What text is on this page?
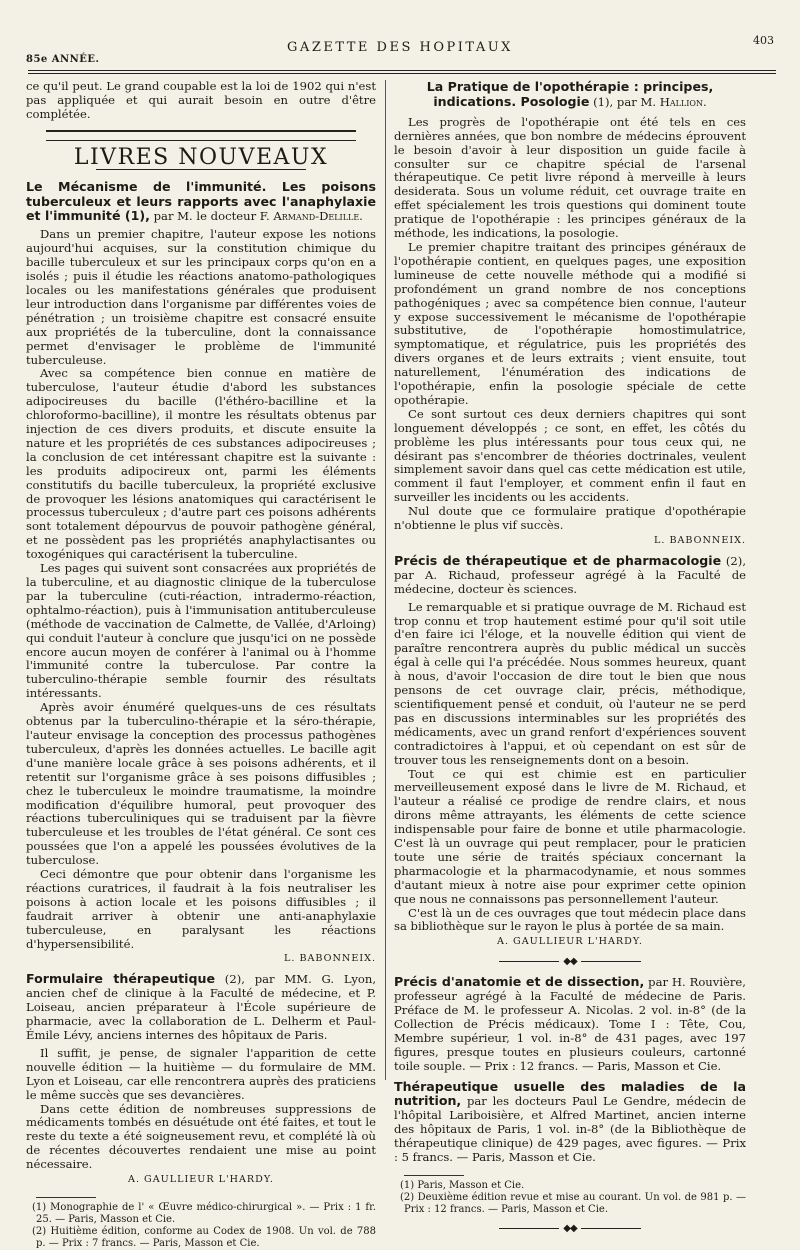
85e ANNÉE.
GAZETTE DES HOPITAUX	403

ce qu'il peut. Le grand coupable est la loi de 1902 qui n'est pas appliquée et qui aurait besoin en outre d'être complétée.

LIVRES NOUVEAUX
Le Mécanisme de l'immunité. Les poisons tuberculeux et leurs rapports avec l'anaphylaxie et l'immunité (1), par M. le docteur F. Armand-Delille.

Dans un premier chapitre, l'auteur expose les notions aujourd'hui acquises, sur la constitution chimique du bacille tuberculeux et sur les principaux corps qu'on en a isolés ; puis il étudie les réactions anatomo-pathologiques locales ou les manifestations générales que produisent leur introduction dans l'organisme par différentes voies de pénétration ; un troisième chapitre est consacré ensuite aux propriétés de la tuberculine, dont la connaissance permet d'envisager le problème de l'immunité tuberculeuse.

Avec sa compétence bien connue en matière de tuberculose, l'auteur étudie d'abord les substances adipocireuses du bacille (l'éthéro-bacilline et la chloroformo-bacilline), il montre les résultats obtenus par injection de ces divers produits, et discute ensuite la nature et les propriétés de ces substances adipocireuses ; la conclusion de cet intéressant chapitre est la suivante : les produits adipocireux ont, parmi les éléments constitutifs du bacille tuberculeux, la propriété exclusive de provoquer les lésions anatomiques qui caractérisent le processus tuberculeux ; d'autre part ces poisons adhérents sont totalement dépourvus de pouvoir pathogène général, et ne possèdent pas les propriétés anaphylactisantes ou toxogéniques qui caractérisent la tuberculine.

Les pages qui suivent sont consacrées aux propriétés de la tuberculine, et au diagnostic clinique de la tuberculose par la tuberculine (cuti-réaction, intradermo-réaction, ophtalmo-réaction), puis à l'immunisation antituberculeuse (méthode de vaccination de Calmette, de Vallée, d'Arloing) qui conduit l'auteur à conclure que jusqu'ici on ne possède encore aucun moyen de conférer à l'animal ou à l'homme l'immunité contre la tuberculose. Par contre la tuberculino-thérapie semble fournir des résultats intéressants.

Après avoir énuméré quelques-uns de ces résultats obtenus par la tuberculino-thérapie et la séro-thérapie, l'auteur envisage la conception des processus pathogènes tuberculeux, d'après les données actuelles. Le bacille agit d'une manière locale grâce à ses poisons adhérents, et il retentit sur l'organisme grâce à ses poisons diffusibles ; chez le tuberculeux le moindre traumatisme, la moindre modification d'équilibre humoral, peut provoquer des réactions tuberculiniques qui se traduisent par la fièvre tuberculeuse et les troubles de l'état général. Ce sont ces poussées que l'on a appelé les poussées évolutives de la tuberculose.

Ceci démontre que pour obtenir dans l'organisme les réactions curatrices, il faudrait à la fois neutraliser les poisons à action locale et les poisons diffusibles ; il faudrait arriver à obtenir une anti-anaphylaxie tuberculeuse, en paralysant les réactions d'hypersensibilité.

L. BABONNEIX.
Formulaire thérapeutique (2), par MM. G. Lyon, ancien chef de clinique à la Faculté de médecine, et P. Loiseau, ancien préparateur à l'École supérieure de pharmacie, avec la collaboration de L. Delherm et Paul-Émile Lévy, anciens internes des hôpitaux de Paris.

Il suffit, je pense, de signaler l'apparition de cette nouvelle édition — la huitième — du formulaire de MM. Lyon et Loiseau, car elle rencontrera auprès des praticiens le même succès que ses devancières.

Dans cette édition de nombreuses suppressions de médicaments tombés en désuétude ont été faites, et tout le reste du texte a été soigneusement revu, et complété là où de récentes découvertes rendaient une mise au point nécessaire.

A. GAULLIEUR L'HARDY.
(1) Monographie de l' « Œuvre médico-chirurgical ». — Prix : 1 fr. 25. — Paris, Masson et Cie.
(2) Huitième édition, conforme au Codex de 1908. Un vol. de 788 p. — Prix : 7 francs. — Paris, Masson et Cie.
La Pratique de l'opothérapie : principes, indications. Posologie (1), par M. Hallion.

Les progrès de l'opothérapie ont été tels en ces dernières années, que bon nombre de médecins éprouvent le besoin d'avoir à leur disposition un guide facile à consulter sur ce chapitre spécial de l'arsenal thérapeutique. Ce petit livre répond à merveille à leurs desiderata. Sous un volume réduit, cet ouvrage traite en effet spécialement les trois questions qui dominent toute pratique de l'opothérapie : les principes généraux de la méthode, les indications, la posologie.

Le premier chapitre traitant des principes généraux de l'opothérapie contient, en quelques pages, une exposition lumineuse de cette nouvelle méthode qui a modifié si profondément un grand nombre de nos conceptions pathogéniques ; avec sa compétence bien connue, l'auteur y expose successivement le mécanisme de l'opothérapie substitutive, de l'opothérapie homostimulatrice, symptomatique, et régulatrice, puis les propriétés des divers organes et de leurs extraits ; vient ensuite, tout naturellement, l'énumération des indications de l'opothérapie, enfin la posologie spéciale de cette opothérapie.

Ce sont surtout ces deux derniers chapitres qui sont longuement développés ; ce sont, en effet, les côtés du problème les plus intéressants pour tous ceux qui, ne désirant pas s'encombrer de théories doctrinales, veulent simplement savoir dans quel cas cette médication est utile, comment il faut l'employer, et comment enfin il faut en surveiller les incidents ou les accidents.

Nul doute que ce formulaire pratique d'opothérapie n'obtienne le plus vif succès.

L. BABONNEIX.
Précis de thérapeutique et de pharmacologie (2), par A. Richaud, professeur agrégé à la Faculté de médecine, docteur ès sciences.

Le remarquable et si pratique ouvrage de M. Richaud est trop connu et trop hautement estimé pour qu'il soit utile d'en faire ici l'éloge, et la nouvelle édition qui vient de paraître rencontrera auprès du public médical un succès égal à celle qui l'a précédée. Nous sommes heureux, quant à nous, d'avoir l'occasion de dire tout le bien que nous pensons de cet ouvrage clair, précis, méthodique, scientifiquement pensé et conduit, où l'auteur ne se perd pas en discussions interminables sur les propriétés des médicaments, avec un grand renfort d'expériences souvent contradictoires à l'appui, et où cependant on est sûr de trouver tous les renseignements dont on a besoin.

Tout ce qui est chimie est en particulier merveilleusement exposé dans le livre de M. Richaud, et l'auteur a réalisé ce prodige de rendre clairs, et nous dirons même attrayants, les éléments de cette science indispensable pour faire de bonne et utile pharmacologie. C'est là un ouvrage qui peut remplacer, pour le praticien toute une série de traités spéciaux concernant la pharmacologie et la pharmacodynamie, et nous sommes d'autant mieux à notre aise pour exprimer cette opinion que nous ne connaissons pas personnellement l'auteur.

C'est là un de ces ouvrages que tout médecin place dans sa bibliothèque sur le rayon le plus à portée de sa main.

A. GAULLIEUR L'HARDY.
◆◆
Précis d'anatomie et de dissection, par H. Rouvière, professeur agrégé à la Faculté de médecine de Paris. Préface de M. le professeur A. Nicolas. 2 vol. in-8° (de la Collection de Précis médicaux). Tome I : Tête, Cou, Membre supérieur, 1 vol. in-8° de 431 pages, avec 197 figures, presque toutes en plusieurs couleurs, cartonné toile souple. — Prix : 12 francs. — Paris, Masson et Cie.
Thérapeutique usuelle des maladies de la nutrition, par les docteurs Paul Le Gendre, médecin de l'hôpital Lariboisière, et Alfred Martinet, ancien interne des hôpitaux de Paris, 1 vol. in-8° (de la Bibliothèque de thérapeutique clinique) de 429 pages, avec figures. — Prix : 5 francs. — Paris, Masson et Cie.
(1) Paris, Masson et Cie.
(2) Deuxième édition revue et mise au courant. Un vol. de 981 p. — Prix : 12 francs. — Paris, Masson et Cie.
◆◆
